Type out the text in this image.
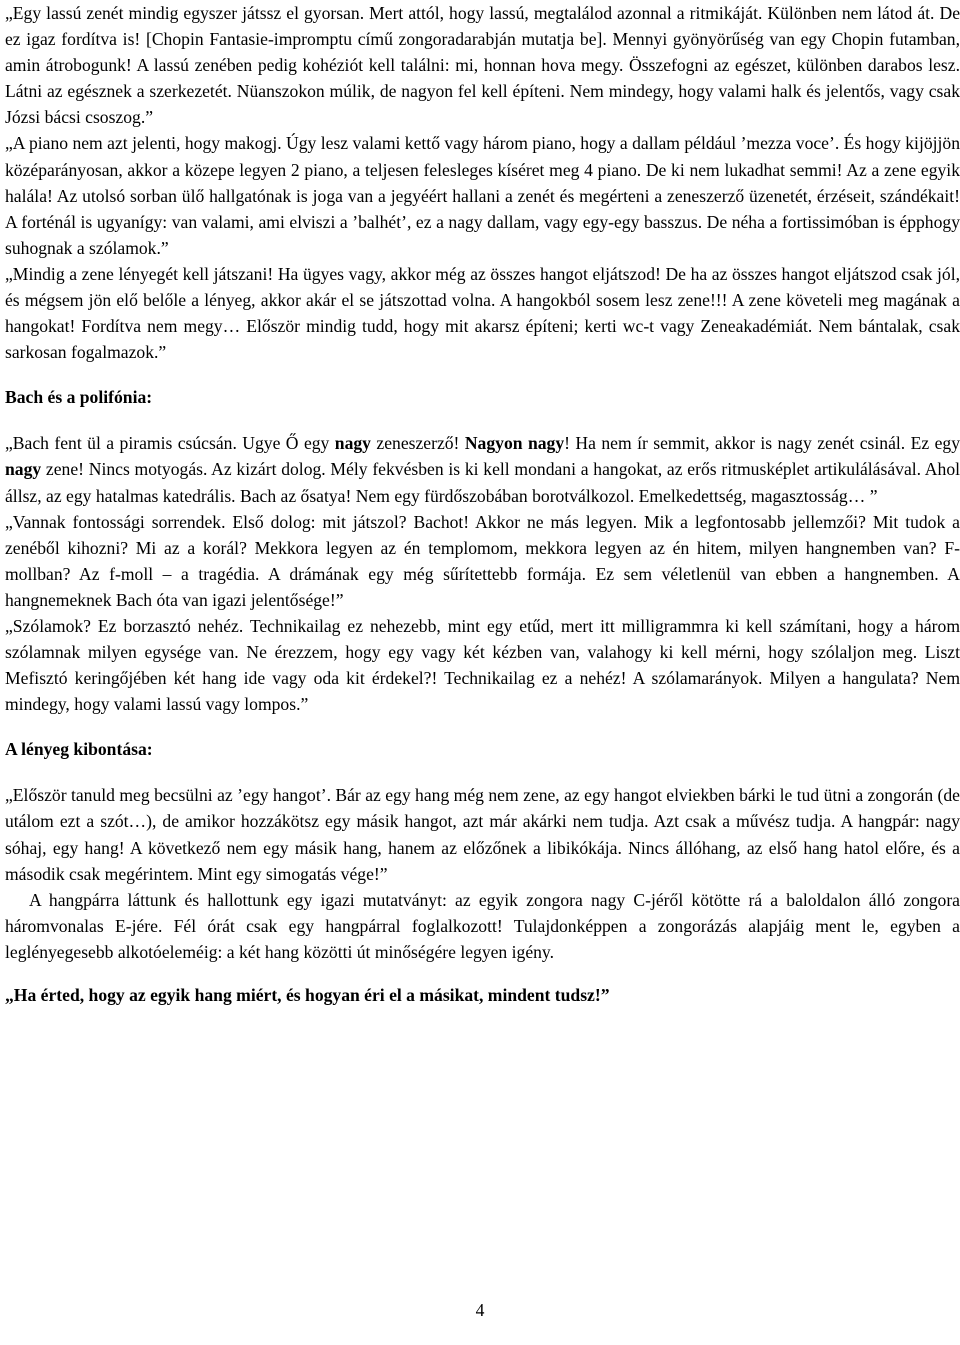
„Egy lassú zenét mindig egyszer játssz el gyorsan. Mert attól, hogy lassú, megtalálod azonnal a ritmikáját. Különben nem látod át. De ez igaz fordítva is! [Chopin Fantasie-impromptu című zongoradarabján mutatja be]. Mennyi gyönyörűség van egy Chopin futamban, amin átrobogunk! A lassú zenében pedig kohéziót kell találni: mi, honnan hova megy. Összefogni az egészet, különben darabos lesz. Látni az egésznek a szerkezetét. Nüanszokon múlik, de nagyon fel kell építeni. Nem mindegy, hogy valami halk és jelentős, vagy csak Józsi bácsi csoszog.”

„A piano nem azt jelenti, hogy makogj. Úgy lesz valami kettő vagy három piano, hogy a dallam például ’mezza voce’. És hogy kijöjjön középarányosan, akkor a közepe legyen 2 piano, a teljesen felesleges kíséret meg 4 piano. De ki nem lukadhat semmi! Az a zene egyik halála! Az utolsó sorban ülő hallgatónak is joga van a jegyéért hallani a zenét és megérteni a zeneszerző üzenetét, érzéseit, szándékait! A forténál is ugyanígy: van valami, ami elviszi a ’balhét’, ez a nagy dallam, vagy egy-egy basszus. De néha a fortissimóban is épphogy suhognak a szólamok.”

„Mindig a zene lényegét kell játszani! Ha ügyes vagy, akkor még az összes hangot eljátszod! De ha az összes hangot eljátszod csak jól, és mégsem jön elő belőle a lényeg, akkor akár el se játszottad volna. A hangokból sosem lesz zene!!! A zene követeli meg magának a hangokat! Fordítva nem megy… Először mindig tudd, hogy mit akarsz építeni; kerti wc-t vagy Zeneakadémiát. Nem bántalak, csak sarkosan fogalmazok.”

Bach és a polifónia:

„Bach fent ül a piramis csúcsán. Ugye Ő egy nagy zeneszerző! Nagyon nagy! Ha nem ír semmit, akkor is nagy zenét csinál. Ez egy nagy zene! Nincs motyogás. Az kizárt dolog. Mély fekvésben is ki kell mondani a hangokat, az erős ritmusképlet artikulálásával. Ahol állsz, az egy hatalmas katedrális. Bach az ősatya! Nem egy fürdőszobában borotválkozol. Emelkedettség, magasztosság… ”

„Vannak fontossági sorrendek. Első dolog: mit játszol? Bachot! Akkor ne más legyen. Mik a legfontosabb jellemzői? Mit tudok a zenéből kihozni? Mi az a korál? Mekkora legyen az én templomom, mekkora legyen az én hitem, milyen hangnemben van? F-mollban? Az f-moll – a tragédia. A drámának egy még sűrítettebb formája. Ez sem véletlenül van ebben a hangnemben. A hangnemeknek Bach óta van igazi jelentősége!”

„Szólamok? Ez borzasztó nehéz. Technikailag ez nehezebb, mint egy etűd, mert itt milligrammra ki kell számítani, hogy a három szólamnak milyen egysége van. Ne érezzem, hogy egy vagy két kézben van, valahogy ki kell mérni, hogy szólaljon meg. Liszt Mefisztó keringőjében két hang ide vagy oda kit érdekel?! Technikailag ez a nehéz! A szólamarányok. Milyen a hangulata? Nem mindegy, hogy valami lassú vagy lompos.”

A lényeg kibontása:

„Először tanuld meg becsülni az ’egy hangot’. Bár az egy hang még nem zene, az egy hangot elviekben bárki le tud ütni a zongorán (de utálom ezt a szót…), de amikor hozzákötsz egy másik hangot, azt már akárki nem tudja. Azt csak a művész tudja. A hangpár: nagy sóhaj, egy hang! A következő nem egy másik hang, hanem az előzőnek a libikókája. Nincs állóhang, az első hang hatol előre, és a második csak megérintem. Mint egy simogatás vége!”

A hangpárra láttunk és hallottunk egy igazi mutatványt: az egyik zongora nagy C-jéről kötötte rá a baloldalon álló zongora háromvonalas E-jére. Fél órát csak egy hangpárral foglalkozott! Tulajdonképpen a zongorázás alapjáig ment le, egyben a leglényegesebb alkotóeleméig: a két hang közötti út minőségére legyen igény.

„Ha érted, hogy az egyik hang miért, és hogyan éri el a másikat, mindent tudsz!”

4
